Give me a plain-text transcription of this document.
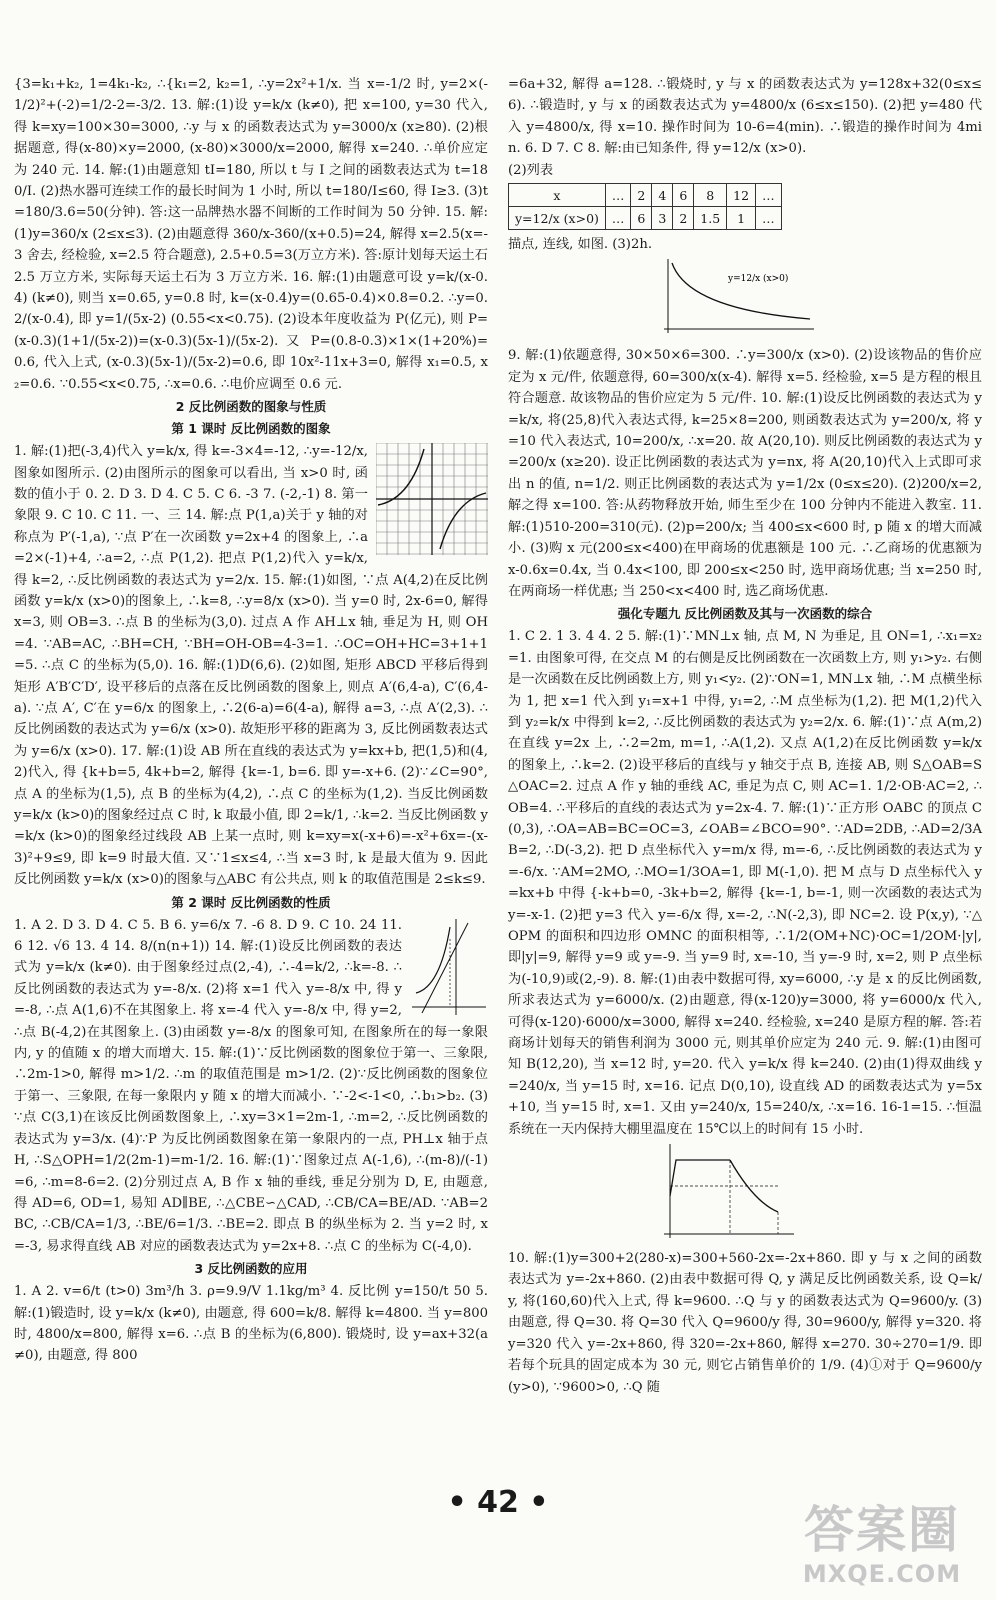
{3=k₁+k₂, 1=4k₁-k₂, ∴{k₁=2, k₂=1, ∴y=2x²+1/x. 当 x=-1/2 时, y=2×(-1/2)²+(-2)=1/2-2=-3/2. 13. 解:(1)设 y=k/x (k≠0), 把 x=100, y=30 代入, 得 k=xy=100×30=3000, ∴y 与 x 的函数表达式为 y=3000/x (x≥80). (2)根据题意, 得(x-80)×y=2000, (x-80)×3000/x=2000, 解得 x=240. ∴单价应定为 240 元. 14. 解:(1)由题意知 tI=180, 所以 t 与 I 之间的函数表达式为 t=180/I. (2)热水器可连续工作的最长时间为 1 小时, 所以 t=180/I≤60, 得 I≥3. (3)t=180/3.6=50(分钟). 答:这一品牌热水器不间断的工作时间为 50 分钟. 15. 解:(1)y=360/x (2≤x≤3). (2)由题意得 360/x-360/(x+0.5)=24, 解得 x=2.5(x=-3 舍去, 经检验, x=2.5 符合题意), 2.5+0.5=3(万立方米). 答:原计划每天运土石 2.5 万立方米, 实际每天运土石为 3 万立方米. 16. 解:(1)由题意可设 y=k/(x-0.4) (k≠0), 则当 x=0.65, y=0.8 时, k=(x-0.4)y=(0.65-0.4)×0.8=0.2. ∴y=0.2/(x-0.4), 即 y=1/(5x-2) (0.55<x<0.75). (2)设本年度收益为 P(亿元), 则 P=(x-0.3)(1+1/(5x-2))=(x-0.3)(5x-1)/(5x-2). 又 P=(0.8-0.3)×1×(1+20%)=0.6, 代入上式, (x-0.3)(5x-1)/(5x-2)=0.6, 即 10x²-11x+3=0, 解得 x₁=0.5, x₂=0.6. ∵0.55<x<0.75, ∴x=0.6. ∴电价应调至 0.6 元.

2 反比例函数的图象与性质
第 1 课时 反比例函数的图象

1. 解:(1)把(-3,4)代入 y=k/x, 得 k=-3×4=-12, ∴y=-12/x, 图象如图所示. (2)由图所示的图象可以看出, 当 x>0 时, 函数的值小于 0. 2. D 3. D 4. C 5. C 6. -3 7. (-2,-1) 8. 第一象限 9. C 10. C 11. 一、三 14. 解:点 P(1,a)关于 y 轴的对称点为 P′(-1,a), ∵点 P′在一次函数 y=2x+4 的图象上, ∴a=2×(-1)+4, ∴a=2, ∴点 P(1,2). 把点 P(1,2)代入 y=k/x, 得 k=2, ∴反比例函数的表达式为 y=2/x. 15. 解:(1)如图, ∵点 A(4,2)在反比例函数 y=k/x (x>0)的图象上, ∴k=8, ∴y=8/x (x>0). 当 y=0 时, 2x-6=0, 解得 x=3, 则 OB=3. ∴点 B 的坐标为(3,0). 过点 A 作 AH⊥x 轴, 垂足为 H, 则 OH=4. ∵AB=AC, ∴BH=CH, ∵BH=OH-OB=4-3=1. ∴OC=OH+HC=3+1+1=5. ∴点 C 的坐标为(5,0). 16. 解:(1)D(6,6). (2)如图, 矩形 ABCD 平移后得到矩形 A′B′C′D′, 设平移后的点落在反比例函数的图象上, 则点 A′(6,4-a), C′(6,4-a). ∵点 A′, C′在 y=6/x 的图象上, ∴2(6-a)=6(4-a), 解得 a=3, ∴点 A′(2,3). ∴反比例函数的表达式为 y=6/x (x>0). 故矩形平移的距离为 3, 反比例函数表达式为 y=6/x (x>0). 17. 解:(1)设 AB 所在直线的表达式为 y=kx+b, 把(1,5)和(4,2)代入, 得 {k+b=5, 4k+b=2, 解得 {k=-1, b=6. 即 y=-x+6. (2)∵∠C=90°, 点 A 的坐标为(1,5), 点 B 的坐标为(4,2), ∴点 C 的坐标为(1,2). 当反比例函数 y=k/x (k>0)的图象经过点 C 时, k 取最小值, 即 2=k/1, ∴k=2. 当反比例函数 y=k/x (k>0)的图象经过线段 AB 上某一点时, 则 k=xy=x(-x+6)=-x²+6x=-(x-3)²+9≤9, 即 k=9 时最大值. 又∵1≤x≤4, ∴当 x=3 时, k 是最大值为 9. 因此反比例函数 y=k/x (x>0)的图象与△ABC 有公共点, 则 k 的取值范围是 2≤k≤9.

第 2 课时 反比例函数的性质

1. A 2. D 3. D 4. C 5. B 6. y=6/x 7. -6 8. D 9. C 10. 24 11. 6 12. √6 13. 4 14. 8/(n(n+1)) 14. 解:(1)设反比例函数的表达式为 y=k/x (k≠0). 由于图象经过点(2,-4), ∴-4=k/2, ∴k=-8. ∴反比例函数的表达式为 y=-8/x. (2)将 x=1 代入 y=-8/x 中, 得 y=-8, ∴点 A(1,6)不在其图象上. 将 x=-4 代入 y=-8/x 中, 得 y=2, ∴点 B(-4,2)在其图象上. (3)由函数 y=-8/x 的图象可知, 在图象所在的每一象限内, y 的值随 x 的增大而增大. 15. 解:(1)∵反比例函数的图象位于第一、三象限, ∴2m-1>0, 解得 m>1/2. ∴m 的取值范围是 m>1/2. (2)∵反比例函数的图象位于第一、三象限, 在每一象限内 y 随 x 的增大而减小. ∵-2<-1<0, ∴b₁>b₂. (3)∵点 C(3,1)在该反比例函数图象上, ∴xy=3×1=2m-1, ∴m=2, ∴反比例函数的表达式为 y=3/x. (4)∵P 为反比例函数图象在第一象限内的一点, PH⊥x 轴于点 H, ∴S△OPH=1/2(2m-1)=m-1/2. 16. 解:(1)∵图象过点 A(-1,6), ∴(m-8)/(-1)=6, ∴m=8-6=2. (2)分别过点 A, B 作 x 轴的垂线, 垂足分别为 D, E, 由题意, 得 AD=6, OD=1, 易知 AD∥BE, ∴△CBE∽△CAD, ∴CB/CA=BE/AD. ∵AB=2BC, ∴CB/CA=1/3, ∴BE/6=1/3. ∴BE=2. 即点 B 的纵坐标为 2. 当 y=2 时, x=-3, 易求得直线 AB 对应的函数表达式为 y=2x+8. ∴点 C 的坐标为 C(-4,0).

3 反比例函数的应用

1. A 2. v=6/t (t>0) 3m³/h 3. ρ=9.9/V 1.1kg/m³ 4. 反比例 y=150/t 50 5. 解:(1)锻造时, 设 y=k/x (k≠0), 由题意, 得 600=k/8. 解得 k=4800. 当 y=800 时, 4800/x=800, 解得 x=6. ∴点 B 的坐标为(6,800). 锻烧时, 设 y=ax+32(a≠0), 由题意, 得 800

=6a+32, 解得 a=128. ∴锻烧时, y 与 x 的函数表达式为 y=128x+32(0≤x≤6). ∴锻造时, y 与 x 的函数表达式为 y=4800/x (6≤x≤150). (2)把 y=480 代入 y=4800/x, 得 x=10. 操作时间为 10-6=4(min). ∴锻造的操作时间为 4min. 6. D 7. C 8. 解:由已知条件, 得 y=12/x (x>0).

(2)列表

x	…	2	4	6	8	12	…
y=12/x (x>0)	…	6	3	2	1.5	1	…

描点, 连线, 如图. (3)2h.

y=12/x (x>0)

9. 解:(1)依题意得, 30×50×6=300. ∴y=300/x (x>0). (2)设该物品的售价应定为 x 元/件, 依题意得, 60=300/x(x-4). 解得 x=5. 经检验, x=5 是方程的根且符合题意. 故该物品的售价应定为 5 元/件. 10. 解:(1)设反比例函数的表达式为 y=k/x, 将(25,8)代入表达式得, k=25×8=200, 则函数表达式为 y=200/x, 将 y=10 代入表达式, 10=200/x, ∴x=20. 故 A(20,10). 则反比例函数的表达式为 y=200/x (x≥20). 设正比例函数的表达式为 y=nx, 将 A(20,10)代入上式即可求出 n 的值, n=1/2. 则正比例函数的表达式为 y=1/2x (0≤x≤20). (2)200/x=2, 解之得 x=100. 答:从药物释放开始, 师生至少在 100 分钟内不能进入教室. 11. 解:(1)510-200=310(元). (2)p=200/x; 当 400≤x<600 时, p 随 x 的增大而减小. (3)购 x 元(200≤x<400)在甲商场的优惠额是 100 元. ∴乙商场的优惠额为 x-0.6x=0.4x, 当 0.4x<100, 即 200≤x<250 时, 选甲商场优惠; 当 x=250 时, 在两商场一样优惠; 当 250<x<400 时, 选乙商场优惠.

强化专题九 反比例函数及其与一次函数的综合

1. C 2. 1 3. 4 4. 2 5. 解:(1)∵MN⊥x 轴, 点 M, N 为垂足, 且 ON=1, ∴x₁=x₂=1. 由图象可得, 在交点 M 的右侧是反比例函数在一次函数上方, 则 y₁>y₂. 右侧是一次函数在反比例函数上方, 则 y₁<y₂. (2)∵ON=1, MN⊥x 轴, ∴M 点横坐标为 1, 把 x=1 代入到 y₁=x+1 中得, y₁=2, ∴M 点坐标为(1,2). 把 M(1,2)代入到 y₂=k/x 中得到 k=2, ∴反比例函数的表达式为 y₂=2/x. 6. 解:(1)∵点 A(m,2)在直线 y=2x 上, ∴2=2m, m=1, ∴A(1,2). 又点 A(1,2)在反比例函数 y=k/x 的图象上, ∴k=2. (2)设平移后的直线与 y 轴交于点 B, 连接 AB, 则 S△OAB=S△OAC=2. 过点 A 作 y 轴的垂线 AC, 垂足为点 C, 则 AC=1. 1/2·OB·AC=2, ∴OB=4. ∴平移后的直线的表达式为 y=2x-4. 7. 解:(1)∵正方形 OABC 的顶点 C(0,3), ∴OA=AB=BC=OC=3, ∠OAB=∠BCO=90°. ∵AD=2DB, ∴AD=2/3AB=2, ∴D(-3,2). 把 D 点坐标代入 y=m/x 得, m=-6, ∴反比例函数的表达式为 y=-6/x. ∵AM=2MO, ∴MO=1/3OA=1, 即 M(-1,0). 把 M 点与 D 点坐标代入 y=kx+b 中得 {-k+b=0, -3k+b=2, 解得 {k=-1, b=-1, 则一次函数的表达式为 y=-x-1. (2)把 y=3 代入 y=-6/x 得, x=-2, ∴N(-2,3), 即 NC=2. 设 P(x,y), ∵△OPM 的面积和四边形 OMNC 的面积相等, ∴1/2(OM+NC)·OC=1/2OM·|y|, 即|y|=9, 解得 y=9 或 y=-9. 当 y=9 时, x=-10, 当 y=-9 时, x=2, 则 P 点坐标为(-10,9)或(2,-9). 8. 解:(1)由表中数据可得, xy=6000, ∴y 是 x 的反比例函数, 所求表达式为 y=6000/x. (2)由题意, 得(x-120)y=3000, 将 y=6000/x 代入, 可得(x-120)·6000/x=3000, 解得 x=240. 经检验, x=240 是原方程的解. 答:若商场计划每天的销售利润为 3000 元, 则其单价应定为 240 元. 9. 解:(1)由图可知 B(12,20), 当 x=12 时, y=20. 代入 y=k/x 得 k=240. (2)由(1)得双曲线 y=240/x, 当 y=15 时, x=16. 记点 D(0,10), 设直线 AD 的函数表达式为 y=5x+10, 当 y=15 时, x=1. 又由 y=240/x, 15=240/x, ∴x=16. 16-1=15. ∴恒温系统在一天内保持大棚里温度在 15℃以上的时间有 15 小时.

10. 解:(1)y=300+2(280-x)=300+560-2x=-2x+860. 即 y 与 x 之间的函数表达式为 y=-2x+860. (2)由表中数据可得 Q, y 满足反比例函数关系, 设 Q=k/y, 将(160,60)代入上式, 得 k=9600. ∴Q 与 y 的函数表达式为 Q=9600/y. (3)由题意, 得 Q=30. 将 Q=30 代入 Q=9600/y 得, 30=9600/y, 解得 y=320. 将 y=320 代入 y=-2x+860, 得 320=-2x+860, 解得 x=270. 30÷270=1/9. 即若每个玩具的固定成本为 30 元, 则它占销售单价的 1/9. (4)①对于 Q=9600/y (y>0), ∵9600>0, ∴Q 随

• 42 •	答案圈
MXQE.COM
